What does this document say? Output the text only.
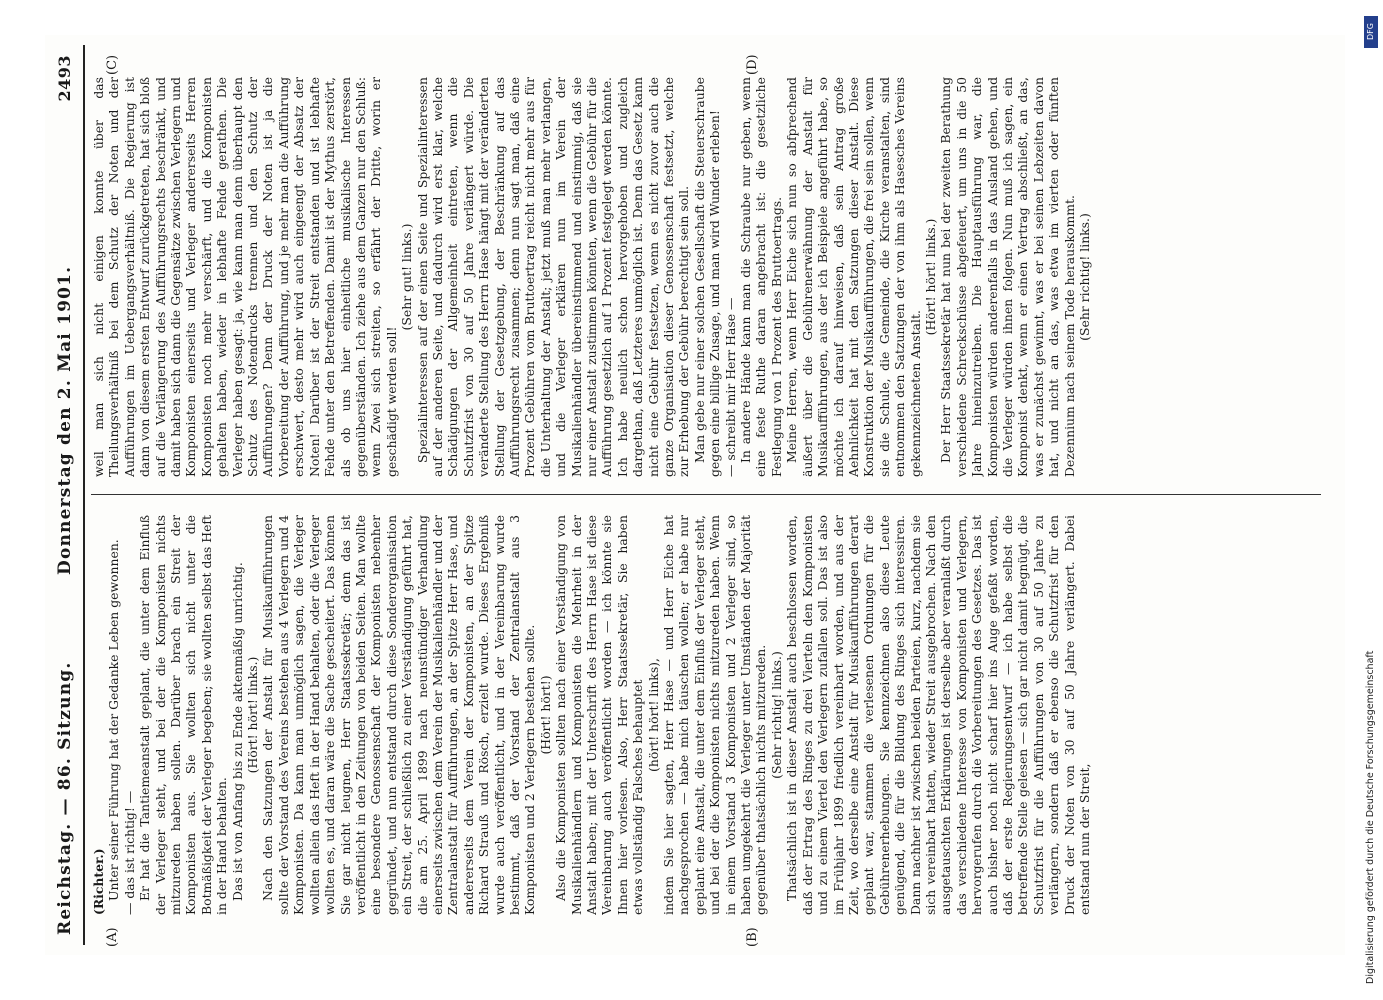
Reichstag. — 86. Sitzung.
Donnerstag den 2. Mai 1901.
2493
(A)	(B)
(C)	(D)

(Richter.) Unter seiner Führung hat der Gedanke Leben gewonnen. — das ist richtig! — Er hat die Tantiemeanstalt geplant, die unter dem Einfluß der Verleger steht, und bei der die Komponisten nichts mitzureden haben sollen. Darüber brach ein Streit der Komponisten aus. Sie wollten sich nicht unter die Botmäßigkeit der Verleger begeben; sie wollten selbst das Heft in der Hand behalten. Das ist von Anfang bis zu Ende aktenmäßig unrichtig. (Hört! hört! links.) Nach den Satzungen der Anstalt für Musikaufführungen sollte der Vorstand des Vereins bestehen aus 4 Verlegern und 4 Komponisten. Da kann man unmöglich sagen, die Verleger wollten allein das Heft in der Hand behalten, oder die Verleger wollten es, und daran wäre die Sache gescheitert. Das können Sie gar nicht leugnen, Herr Staatssekretär; denn das ist veröffentlicht in den Zeitungen von beiden Seiten. Man wollte eine besondere Genossenschaft der Komponisten nebenher gegründet, und nun entstand durch diese Sonderorganisation ein Streit, der schließlich zu einer Verständigung geführt hat, die am 25. April 1899 nach neunstündiger Verhandlung einerseits zwischen dem Verein der Musikalienhändler und der Zentralanstalt für Aufführungen, an der Spitze Herr Hase, und andererseits dem Verein der Komponisten, an der Spitze Richard Strauß und Rösch, erzielt wurde. Dieses Ergebniß wurde auch veröffentlicht, und in der Vereinbarung wurde bestimmt, daß der Vorstand der Zentralanstalt aus 3 Komponisten und 2 Verlegern bestehen sollte. (Hört! hört!) Also die Komponisten sollten nach einer Verständigung von Musikalienhändlern und Komponisten die Mehrheit in der Anstalt haben; mit der Unterschrift des Herrn Hase ist diese Vereinbarung auch veröffentlicht worden — ich könnte sie Ihnen hier vorlesen. Also, Herr Staatssekretär, Sie haben etwas vollständig Falsches behauptet (hört! hört! links), indem Sie hier sagten, Herr Hase — und Herr Eiche hat nachgesprochen — habe mich täuschen wollen; er habe nur geplant eine Anstalt, die unter dem Einfluß der Verleger steht, und bei der die Komponisten nichts mitzureden haben. Wenn in einem Vorstand 3 Komponisten und 2 Verleger sind, so haben umgekehrt die Verleger unter Umständen der Majorität gegenüber thatsächlich nichts mitzureden. (Sehr richtig! links.) Thatsächlich ist in dieser Anstalt auch beschlossen worden, daß der Ertrag des Ringes zu drei Vierteln den Komponisten und zu einem Viertel den Verlegern zufallen soll. Das ist also im Frühjahr 1899 friedlich vereinbart worden, und aus der Zeit, wo derselbe eine Anstalt für Musikaufführungen derart geplant war, stammen die verlesenen Ordnungen für die Gebührenerhebungen. Sie kennzeichnen also diese Leute genügend, die für die Bildung des Ringes sich interessiren. Dann nachher ist zwischen beiden Parteien, kurz, nachdem sie sich vereinbart hatten, wieder Streit ausgebrochen. Nach den ausgetauschten Erklärungen ist derselbe aber veranlaßt durch das verschiedene Interesse von Komponisten und Verlegern, hervorgerufen durch die Vorbereitungen des Gesetzes. Das ist auch bisher noch nicht scharf hier ins Auge gefaßt worden, daß der erste Regierungsentwurf — ich habe selbst die betreffende Stelle gelesen — sich gar nicht damit begnügt, die Schutzfrist für die Aufführungen von 30 auf 50 Jahre zu verlängern, sondern daß er ebenso die Schutzfrist für den Druck der Noten von 30 auf 50 Jahre verlängert. Dabei entstand nun der Streit,

weil man sich nicht einigen konnte über das Theilungsverhältniß bei dem Schutz der Noten und der Aufführungen im Uebergangsverhältniß. Die Regierung ist dann von diesem ersten Entwurf zurückgetreten, hat sich bloß auf die Verlängerung des Aufführungsrechts beschränkt, und damit haben sich dann die Gegensätze zwischen Verlegern und Komponisten einerseits und Verleger andererseits Herren Komponisten noch mehr verschärft, und die Komponisten gehalten haben, wieder in lebhafte Fehde gerathen. Die Verleger haben gesagt: ja, wie kann man denn überhaupt den Schutz des Notendrucks trennen und den Schutz der Aufführungen? Denn der Druck der Noten ist ja die Vorbereitung der Aufführung, und je mehr man die Aufführung erschwert, desto mehr wird auch eingeengt der Absatz der Noten! Darüber ist der Streit entstanden und ist lebhafte Fehde unter den Betreffenden. Damit ist der Mythus zerstört, als ob uns hier einheitliche musikalische Interessen gegenüberständen. Ich ziehe aus dem Ganzen nur den Schluß: wenn Zwei sich streiten, so erfährt der Dritte, worin er geschädigt werden soll!

(Sehr gut! links.) Spezialinteressen auf der einen Seite und Spezialinteressen auf der anderen Seite, und dadurch wird erst klar, welche Schädigungen der Allgemeinheit eintreten, wenn die Schutzfrist von 30 auf 50 Jahre verlängert würde. Die veränderte Stellung des Herrn Hase hängt mit der veränderten Stellung der Gesetzgebung, der Beschränkung auf das Aufführungsrecht zusammen; denn nun sagt man, daß eine Prozent Gebühren vom Bruttoertrag reicht nicht mehr aus für die Unterhaltung der Anstalt; jetzt muß man mehr verlangen, und die Verleger erklären nun im Verein der Musikalienhändler übereinstimmend und einstimmig, daß sie nur einer Anstalt zustimmen könnten, wenn die Gebühr für die Aufführung gesetzlich auf 1 Prozent festgelegt werden könnte. Ich habe neulich schon hervorgehoben und zugleich dargethan, daß Letzteres unmöglich ist. Denn das Gesetz kann nicht eine Gebühr festsetzen, wenn es nicht zuvor auch die ganze Organisation dieser Genossenschaft festsetzt, welche zur Erhebung der Gebühr berechtigt sein soll. Man gebe nur einer solchen Gesellschaft die Steuerschraube gegen eine billige Zusage, und man wird Wunder erleben! — schreibt mir Herr Hase — In andere Hände kann man die Schraube nur geben, wenn eine feste Ruthe daran angebracht ist: die gesetzliche Festlegung von 1 Prozent des Bruttoertrags. Meine Herren, wenn Herr Eiche sich nun so abfprechend äußert über die Gebührenerwähnung der Anstalt für Musikaufführungen, aus der ich Beispiele angeführt habe, so möchte ich darauf hinweisen, daß sein Antrag große Aehnlichkeit hat mit den Satzungen dieser Anstalt. Diese Konstruktion der Musikaufführungen, die frei sein sollen, wenn sie die Schule, die Gemeinde, die Kirche veranstalten, sind entnommen den Satzungen der von ihm als Hasesches Vereins gekennzeichneten Anstalt.

(Hört! hört! links.) Der Herr Staatssekretär hat nun bei der zweiten Berathung verschiedene Schreckschüsse abgefeuert, um uns in die 50 Jahre hineinzutreiben. Die Hauptausführung war, die Komponisten würden anderenfalls in das Ausland gehen, und die Verleger würden ihnen folgen. Nun muß ich sagen, ein Komponist denkt, wenn er einen Vertrag abschließt, an das, was er zunächst gewinnt, was er bei seinen Lebzeiten davon hat, und nicht an das, was etwa im vierten oder fünften Dezennium nach seinem Tode herauskommt. (Sehr richtig! links.)

DFG
Digitalisierung gefördert durch die Deutsche Forschungsgemeinschaft
